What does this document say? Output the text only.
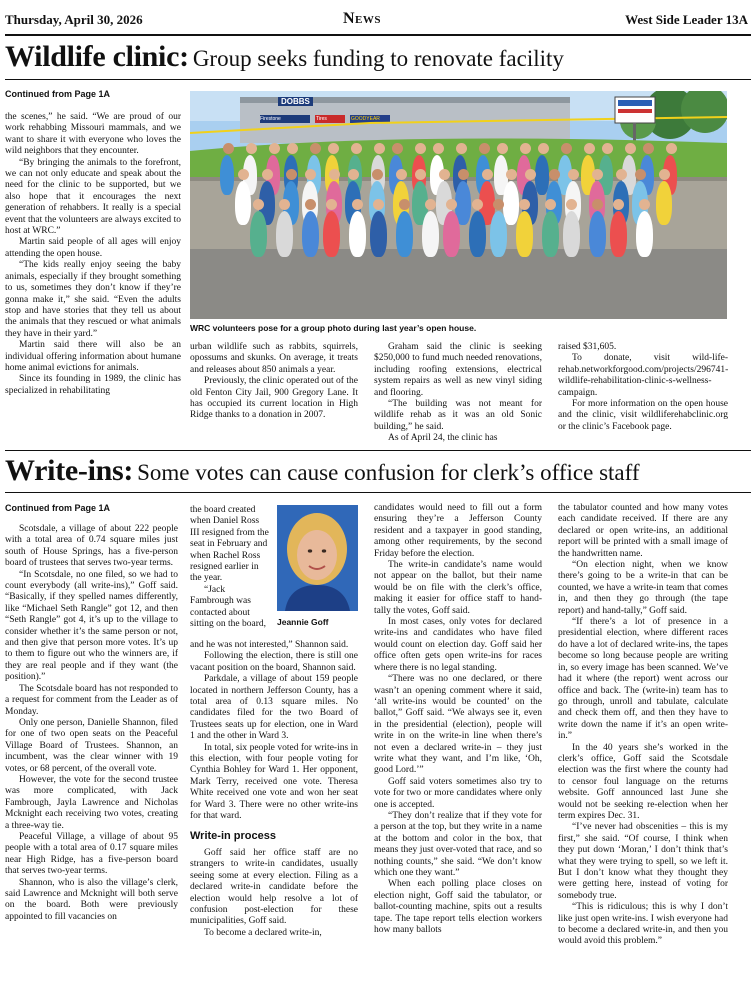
Thursday, April 30, 2026	News	West Side Leader 13A
Wildlife clinic: Group seeks funding to renovate facility
Continued from Page 1A

the scenes,” he said. “We are proud of our work rehabbing Missouri mammals, and we want to share it with everyone who loves the wild neighbors that they encounter.

“By bringing the animals to the forefront, we can not only educate and speak about the need for the clinic to be supported, but we also hope that it encourages the next generation of rehabbers. It really is a special event that the volunteers are always excited to host at WRC.”

Martin said people of all ages will enjoy attending the open house.

“The kids really enjoy seeing the baby animals, especially if they brought something to us, sometimes they don’t know if they’re gonna make it,” she said. “Even the adults stop and have stories that they tell us about the animals that they rescued or what animals they have in their yard.”

Martin said there will also be an individual offering information about humane home animal evictions for animals.

Since its founding in 1989, the clinic has specialized in rehabilitating

DOBBS
Firestone	GOODYEAR
Tires
WRC volunteers pose for a group photo during last year’s open house.

urban wildlife such as rabbits, squirrels, opossums and skunks. On average, it treats and releases about 850 animals a year.

Previously, the clinic operated out of the old Fenton City Jail, 900 Gregory Lane. It has occupied its current location in High Ridge thanks to a donation in 2007.

Graham said the clinic is seeking $250,000 to fund much needed renovations, including roofing extensions, electrical system repairs as well as new vinyl siding and flooring.

“The building was not meant for wildlife rehab as it was an old Sonic building,” he said.

As of April 24, the clinic has

raised $31,605.

To donate, visit wild-life-rehab.networkforgood.com/projects/296741-wildlife-rehabilitation-clinic-s-wellness-campaign.

For more information on the open house and the clinic, visit wildliferehabclinic.org or the clinic’s Facebook page.

Write-ins: Some votes can cause confusion for clerk’s office staff
Continued from Page 1A

Scotsdale, a village of about 222 people with a total area of 0.74 square miles just south of House Springs, has a five-person board of trustees that serves two-year terms.

“In Scotsdale, no one filed, so we had to count everybody (all write-ins),” Goff said. “Basically, if they spelled names differently, like “Michael Seth Rangle” got 12, and then “Seth Rangle” got 4, it’s up to the village to consider whether it’s the same person or not, and then give that person more votes. It’s up to them to figure out who the winners are, if they are real people and if they want (the position).”

The Scotsdale board has not responded to a request for comment from the Leader as of Monday.

Only one person, Danielle Shannon, filed for one of two open seats on the Peaceful Village Board of Trustees. Shannon, an incumbent, was the clear winner with 19 votes, or 68 percent, of the overall vote.

However, the vote for the second trustee was more complicated, with Jack Fambrough, Jayla Lawrence and Nicholas Mcknight each receiving two votes, creating a three-way tie.

Peaceful Village, a village of about 95 people with a total area of 0.17 square miles near High Ridge, has a five-person board that serves two-year terms.

Shannon, who is also the village’s clerk, said Lawrence and Mcknight will both serve on the board. Both were previously appointed to fill vacancies on

the board created when Daniel Ross III resigned from the seat in February and when Rachel Ross resigned earlier in the year.

“Jack Fambrough was contacted about sitting on the board,	Jeannie Goff

and he was not interested,” Shannon said.

Following the election, there is still one vacant position on the board, Shannon said.

Parkdale, a village of about 159 people located in northern Jefferson County, has a total area of 0.13 square miles. No candidates filed for the two Board of Trustees seats up for election, one in Ward 1 and the other in Ward 3.

In total, six people voted for write-ins in this election, with four people voting for Cynthia Bohley for Ward 1. Her opponent, Mark Terry, received one vote. Theresa White received one vote and won her seat for Ward 3. There were no other write-ins for that ward.

Write-in process

Goff said her office staff are no strangers to write-in candidates, usually seeing some at every election. Filing as a declared write-in candidate before the election would help resolve a lot of confusion post-election for these municipalities, Goff said.

To become a declared write-in,

candidates would need to fill out a form ensuring they’re a Jefferson County resident and a taxpayer in good standing, among other requirements, by the second Friday before the election.

The write-in candidate’s name would not appear on the ballot, but their name would be on file with the clerk’s office, making it easier for office staff to hand-tally the votes, Goff said.

In most cases, only votes for declared write-ins and candidates who have filed would count on election day. Goff said her office often gets open write-ins for races where there is no legal standing.

“There was no one declared, or there wasn’t an opening comment where it said, ‘all write-ins would be counted’ on the ballot,” Goff said. “We always see it, even in the presidential (election), people will write in on the write-in line when there’s not even a declared write-in – they just write what they want, and I’m like, ‘Oh, good Lord.’”

Goff said voters sometimes also try to vote for two or more candidates where only one is accepted.

“They don’t realize that if they vote for a person at the top, but they write in a name at the bottom and color in the box, that means they just over-voted that race, and so nothing counts,” she said. “We don’t know which one they want.”

When each polling place closes on election night, Goff said the tabulator, or ballot-counting machine, spits out a results tape. The tape report tells election workers how many ballots

the tabulator counted and how many votes each candidate received. If there are any declared or open write-ins, an additional report will be printed with a small image of the handwritten name.

“On election night, when we know there’s going to be a write-in that can be counted, we have a write-in team that comes in, and then they go through (the tape report) and hand-tally,” Goff said.

“If there’s a lot of presence in a presidential election, where different races do have a lot of declared write-ins, the tapes become so long because people are writing in, so every image has been scanned. We’ve had it where (the report) went across our office and back. The (write-in) team has to go through, unroll and tabulate, calculate and check them off, and then they have to write down the name if it’s an open write-in.”

In the 40 years she’s worked in the clerk’s office, Goff said the Scotsdale election was the first where the county had to censor foul language on the returns website. Goff announced last June she would not be seeking re-election when her term expires Dec. 31.

“I’ve never had obscenities – this is my first,” she said. “Of course, I think when they put down ‘Moran,’ I don’t think that’s what they were trying to spell, so we left it. But I don’t know what they thought they were getting here, instead of voting for somebody true.

“This is ridiculous; this is why I don’t like just open write-ins. I wish everyone had to become a declared write-in, and then you would avoid this problem.”
